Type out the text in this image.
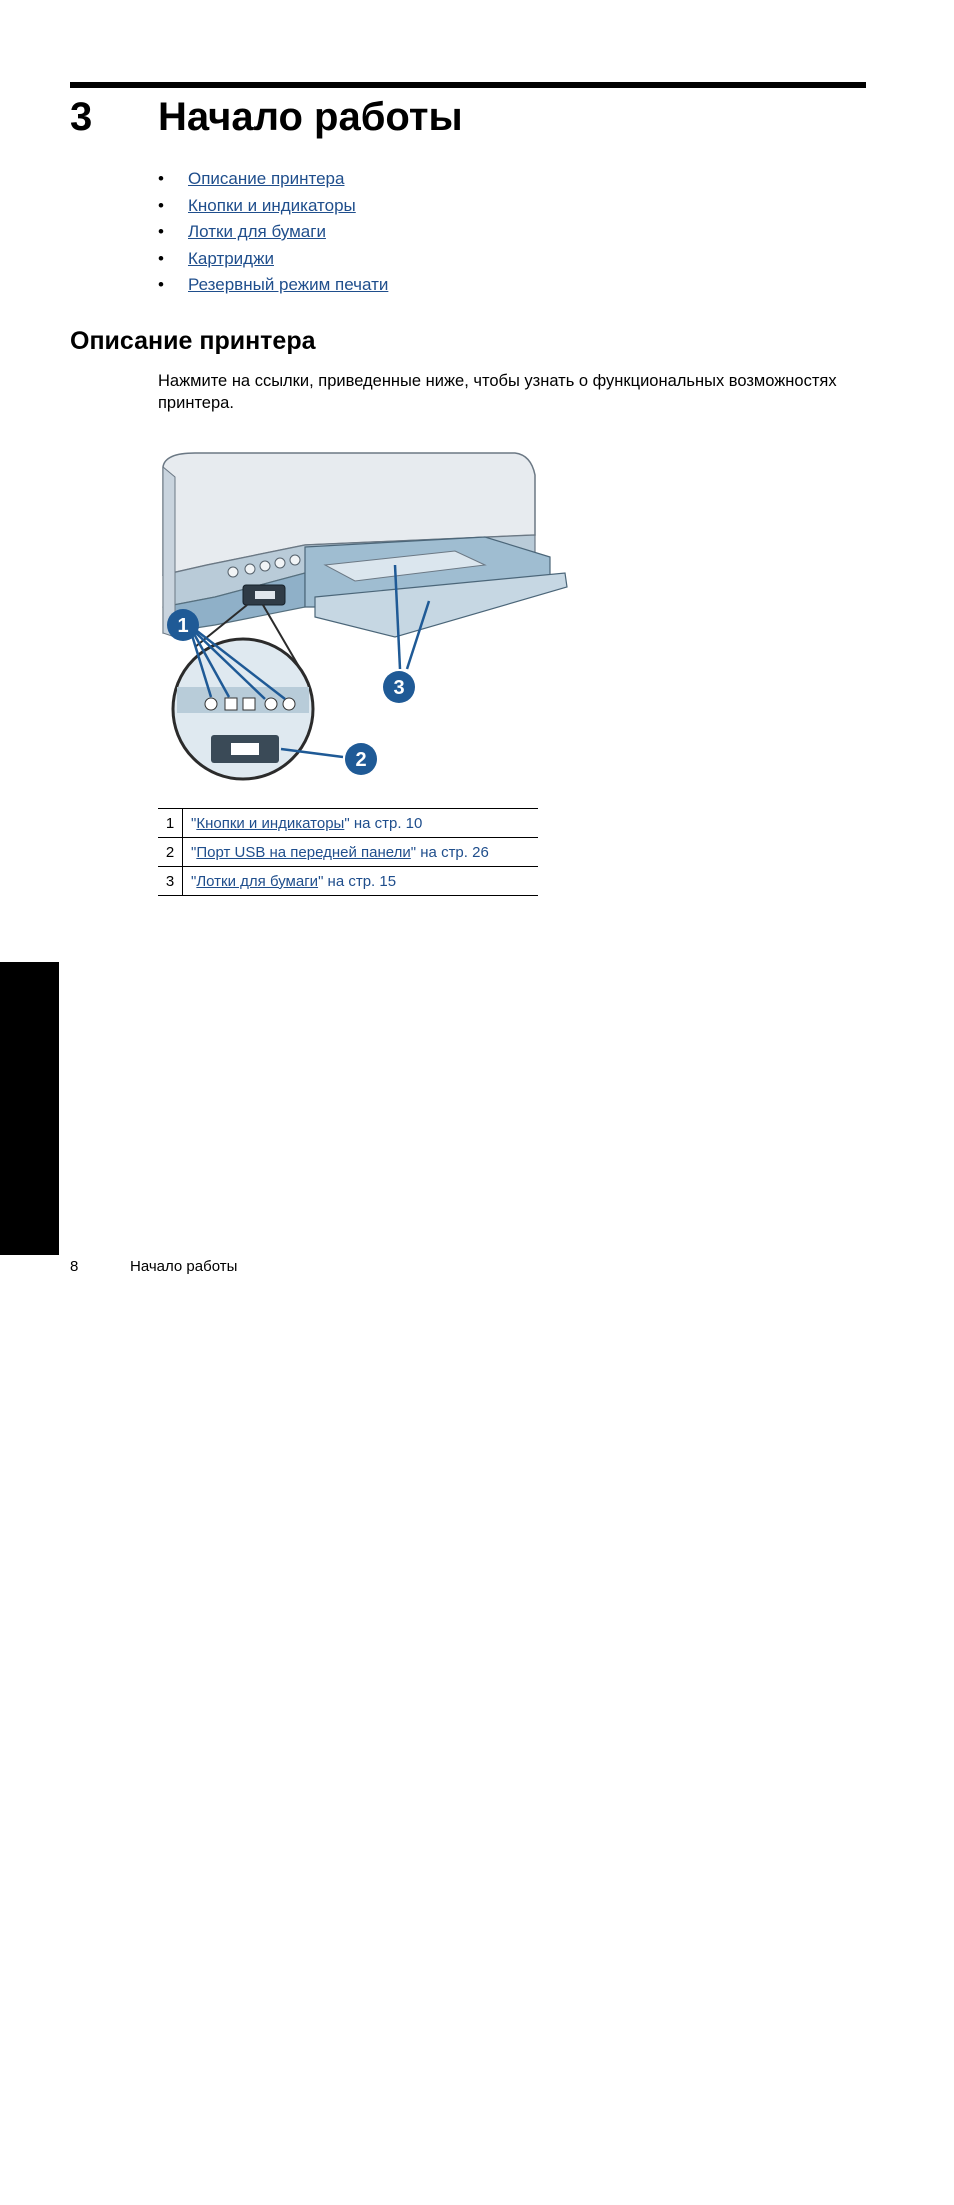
3 Начало работы
•	Описание принтера
•	Кнопки и индикаторы
•	Лотки для бумаги
•	Картриджи
•	Резервный режим печати
Описание принтера
Нажмите на ссылки, приведенные ниже, чтобы узнать о функциональных возможностях принтера.
1
2
3
1	"Кнопки и индикаторы" на стр. 10
2	"Порт USB на передней панели" на стр. 26
3	"Лотки для бумаги" на стр. 15
Начало работы
8	Начало работы
